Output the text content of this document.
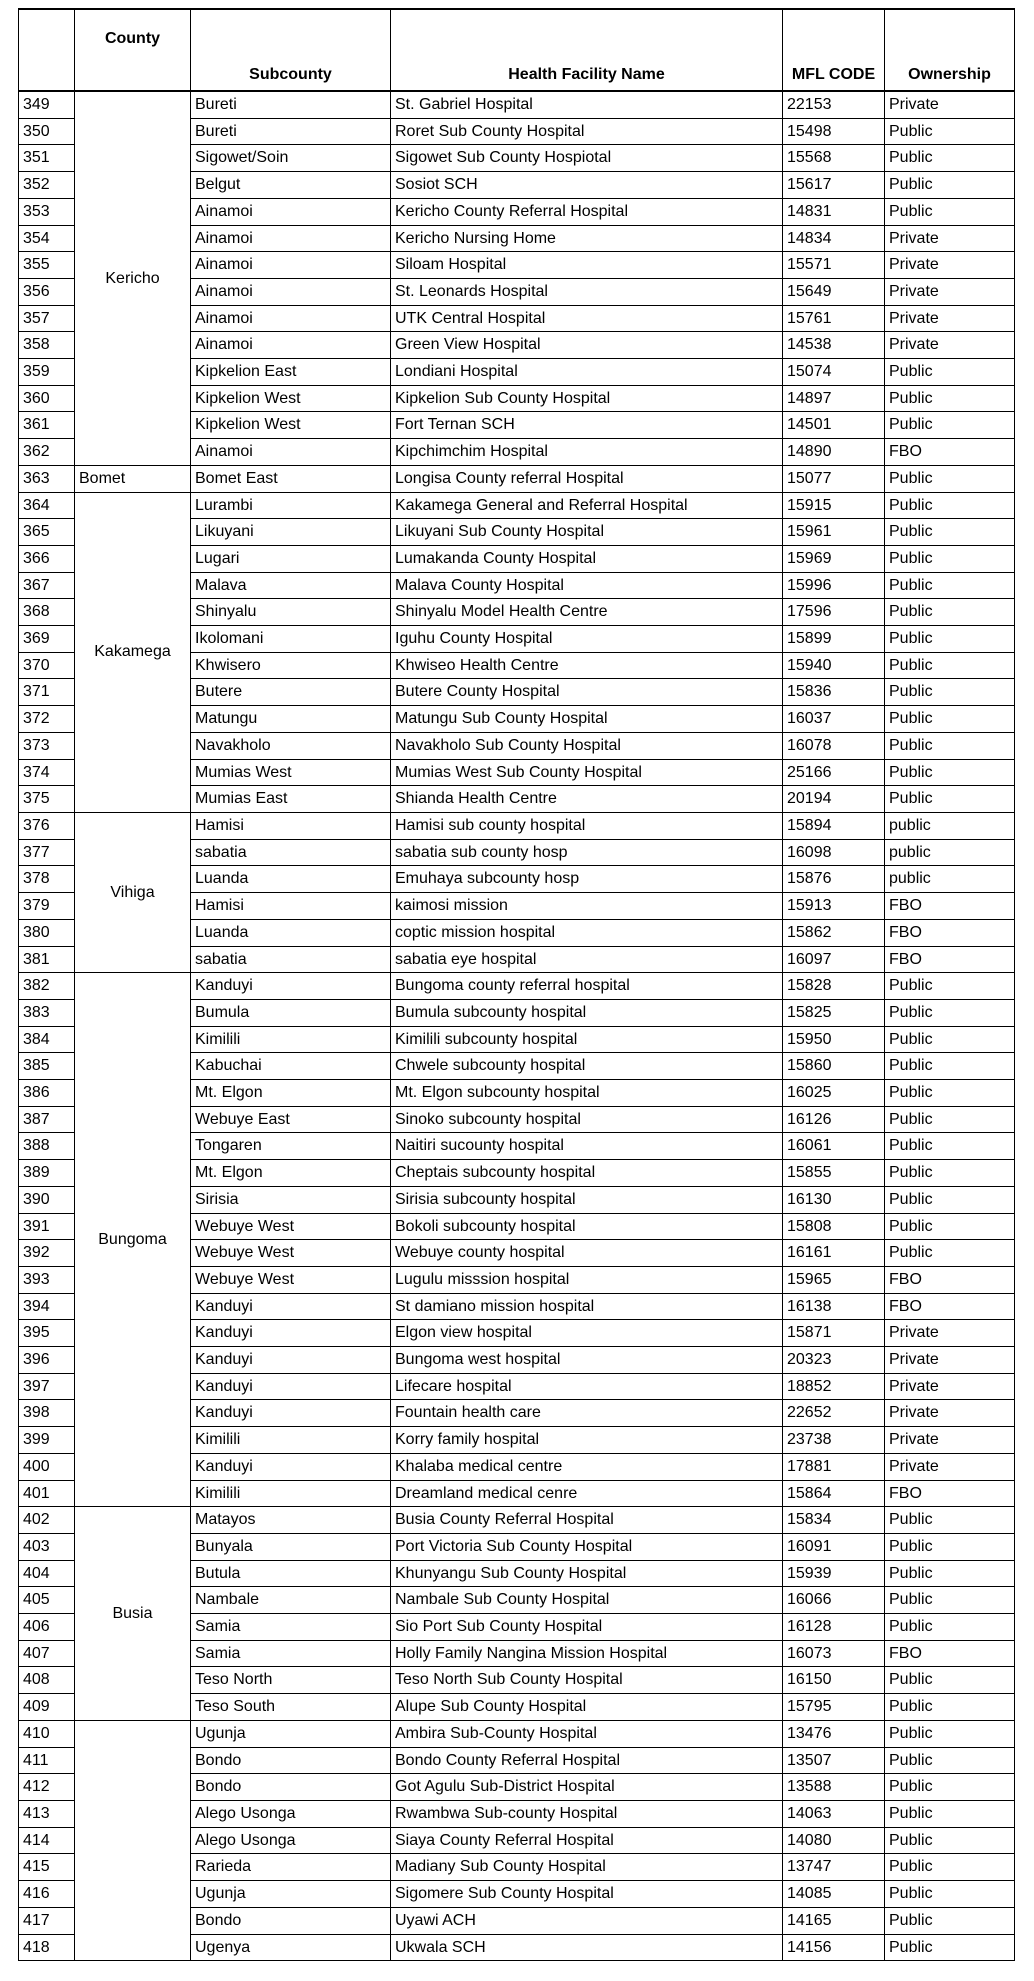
	County	Subcounty	Health Facility Name	MFL CODE	Ownership
349	Kericho	Bureti	St. Gabriel Hospital	22153	Private
350		Bureti	Roret Sub County Hospital	15498	Public
351		Sigowet/Soin	Sigowet Sub County Hospiotal	15568	Public
352		Belgut	Sosiot SCH	15617	Public
353		Ainamoi	Kericho County Referral Hospital	14831	Public
354		Ainamoi	Kericho Nursing Home	14834	Private
355		Ainamoi	Siloam Hospital	15571	Private
356		Ainamoi	St. Leonards Hospital	15649	Private
357		Ainamoi	UTK Central Hospital	15761	Private
358		Ainamoi	Green View Hospital	14538	Private
359		Kipkelion East	Londiani Hospital	15074	Public
360		Kipkelion West	Kipkelion Sub County Hospital	14897	Public
361		Kipkelion West	Fort Ternan SCH	14501	Public
362		Ainamoi	Kipchimchim Hospital	14890	FBO
363	Bomet	Bomet East	Longisa County referral Hospital	15077	Public
364	Kakamega	Lurambi	Kakamega General and Referral Hospital	15915	Public
365		Likuyani	Likuyani Sub County Hospital	15961	Public
366		Lugari	Lumakanda County Hospital	15969	Public
367		Malava	Malava County Hospital	15996	Public
368		Shinyalu	Shinyalu Model Health Centre	17596	Public
369		Ikolomani	Iguhu County Hospital	15899	Public
370		Khwisero	Khwiseo Health Centre	15940	Public
371		Butere	Butere County Hospital	15836	Public
372		Matungu	Matungu Sub County Hospital	16037	Public
373		Navakholo	Navakholo Sub County Hospital	16078	Public
374		Mumias West	Mumias West Sub County Hospital	25166	Public
375		Mumias East	Shianda Health Centre	20194	Public
376	Vihiga	Hamisi	Hamisi sub county hospital	15894	public
377		sabatia	sabatia sub county hosp	16098	public
378		Luanda	Emuhaya subcounty hosp	15876	public
379		Hamisi	kaimosi mission	15913	FBO
380		Luanda	coptic mission hospital	15862	FBO
381		sabatia	sabatia eye hospital	16097	FBO
382	Bungoma	Kanduyi	Bungoma county referral hospital	15828	Public
383		Bumula	Bumula subcounty hospital	15825	Public
384		Kimilili	Kimilili subcounty hospital	15950	Public
385		Kabuchai	Chwele subcounty hospital	15860	Public
386		Mt. Elgon	Mt. Elgon subcounty hospital	16025	Public
387		Webuye East	Sinoko subcounty hospital	16126	Public
388		Tongaren	Naitiri sucounty hospital	16061	Public
389		Mt. Elgon	Cheptais subcounty hospital	15855	Public
390		Sirisia	Sirisia subcounty hospital	16130	Public
391		Webuye West	Bokoli subcounty hospital	15808	Public
392		Webuye West	Webuye county hospital	16161	Public
393		Webuye West	Lugulu misssion hospital	15965	FBO
394		Kanduyi	St damiano mission hospital	16138	FBO
395		Kanduyi	Elgon view hospital	15871	Private
396		Kanduyi	Bungoma west hospital	20323	Private
397		Kanduyi	Lifecare hospital	18852	Private
398		Kanduyi	Fountain health care	22652	Private
399		Kimilili	Korry family hospital	23738	Private
400		Kanduyi	Khalaba medical centre	17881	Private
401		Kimilili	Dreamland medical cenre	15864	FBO
402	Busia	Matayos	Busia County Referral Hospital	15834	Public
403		Bunyala	Port Victoria Sub County Hospital	16091	Public
404		Butula	Khunyangu Sub County Hospital	15939	Public
405		Nambale	Nambale Sub County Hospital	16066	Public
406		Samia	Sio Port Sub County Hospital	16128	Public
407		Samia	Holly Family Nangina Mission Hospital	16073	FBO
408		Teso North	Teso North Sub County Hospital	16150	Public
409		Teso South	Alupe Sub County Hospital	15795	Public
410		Ugunja	Ambira Sub-County Hospital	13476	Public
411		Bondo	Bondo County Referral Hospital	13507	Public
412		Bondo	Got Agulu Sub-District Hospital	13588	Public
413		Alego Usonga	Rwambwa Sub-county Hospital	14063	Public
414		Alego Usonga	Siaya County Referral Hospital	14080	Public
415		Rarieda	Madiany Sub County Hospital	13747	Public
416		Ugunja	Sigomere Sub County Hospital	14085	Public
417		Bondo	Uyawi ACH	14165	Public
418		Ugenya	Ukwala SCH	14156	Public
